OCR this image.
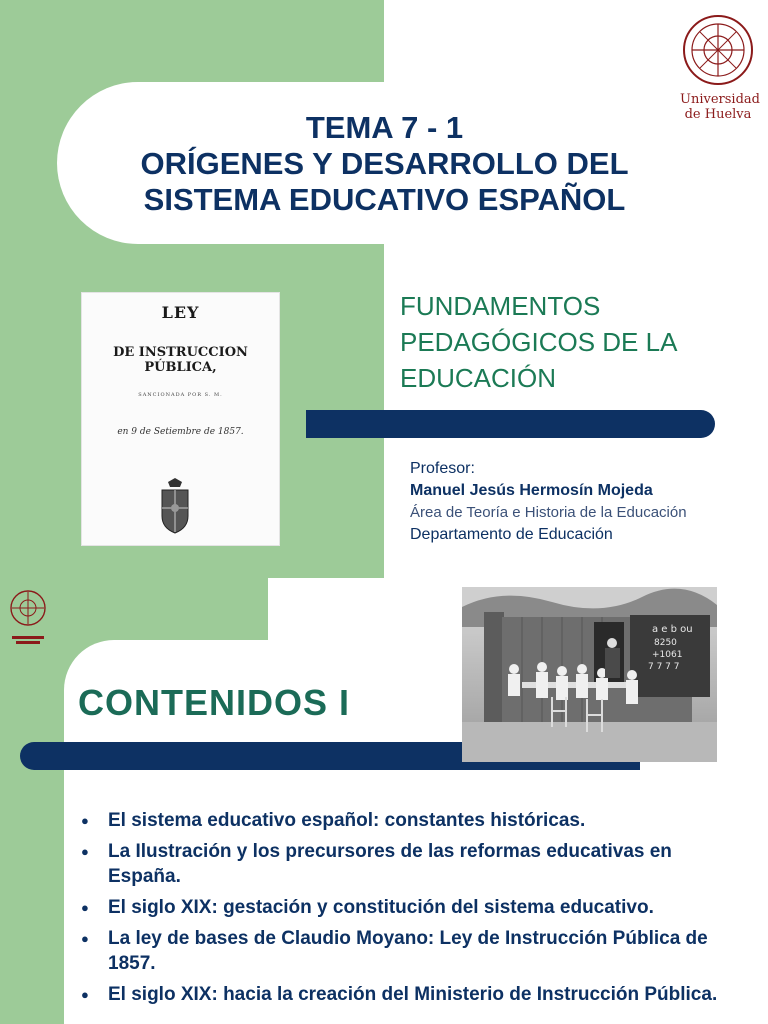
TEMA 7 - 1
ORÍGENES Y DESARROLLO DEL
SISTEMA EDUCATIVO ESPAÑOL
Universidad
de Huelva
LEY
DE INSTRUCCION PÚBLICA,
SANCIONADA POR S. M.
en 9 de Setiembre de 1857.
FUNDAMENTOS
PEDAGÓGICOS DE LA
EDUCACIÓN
Profesor:
Manuel Jesús Hermosín Mojeda
Área de Teoría e Historia de la Educación
Departamento de Educación

CONTENIDOS I
a e b ou
8250
+1061
7 7 7 7
● El sistema educativo español: constantes históricas.
● La Ilustración y los precursores de las reformas educativas en España.
● El siglo XIX: gestación y constitución del sistema educativo.
● La ley de bases de Claudio Moyano: Ley de Instrucción Pública de 1857.
● El siglo XIX: hacia la creación del Ministerio de Instrucción Pública.
